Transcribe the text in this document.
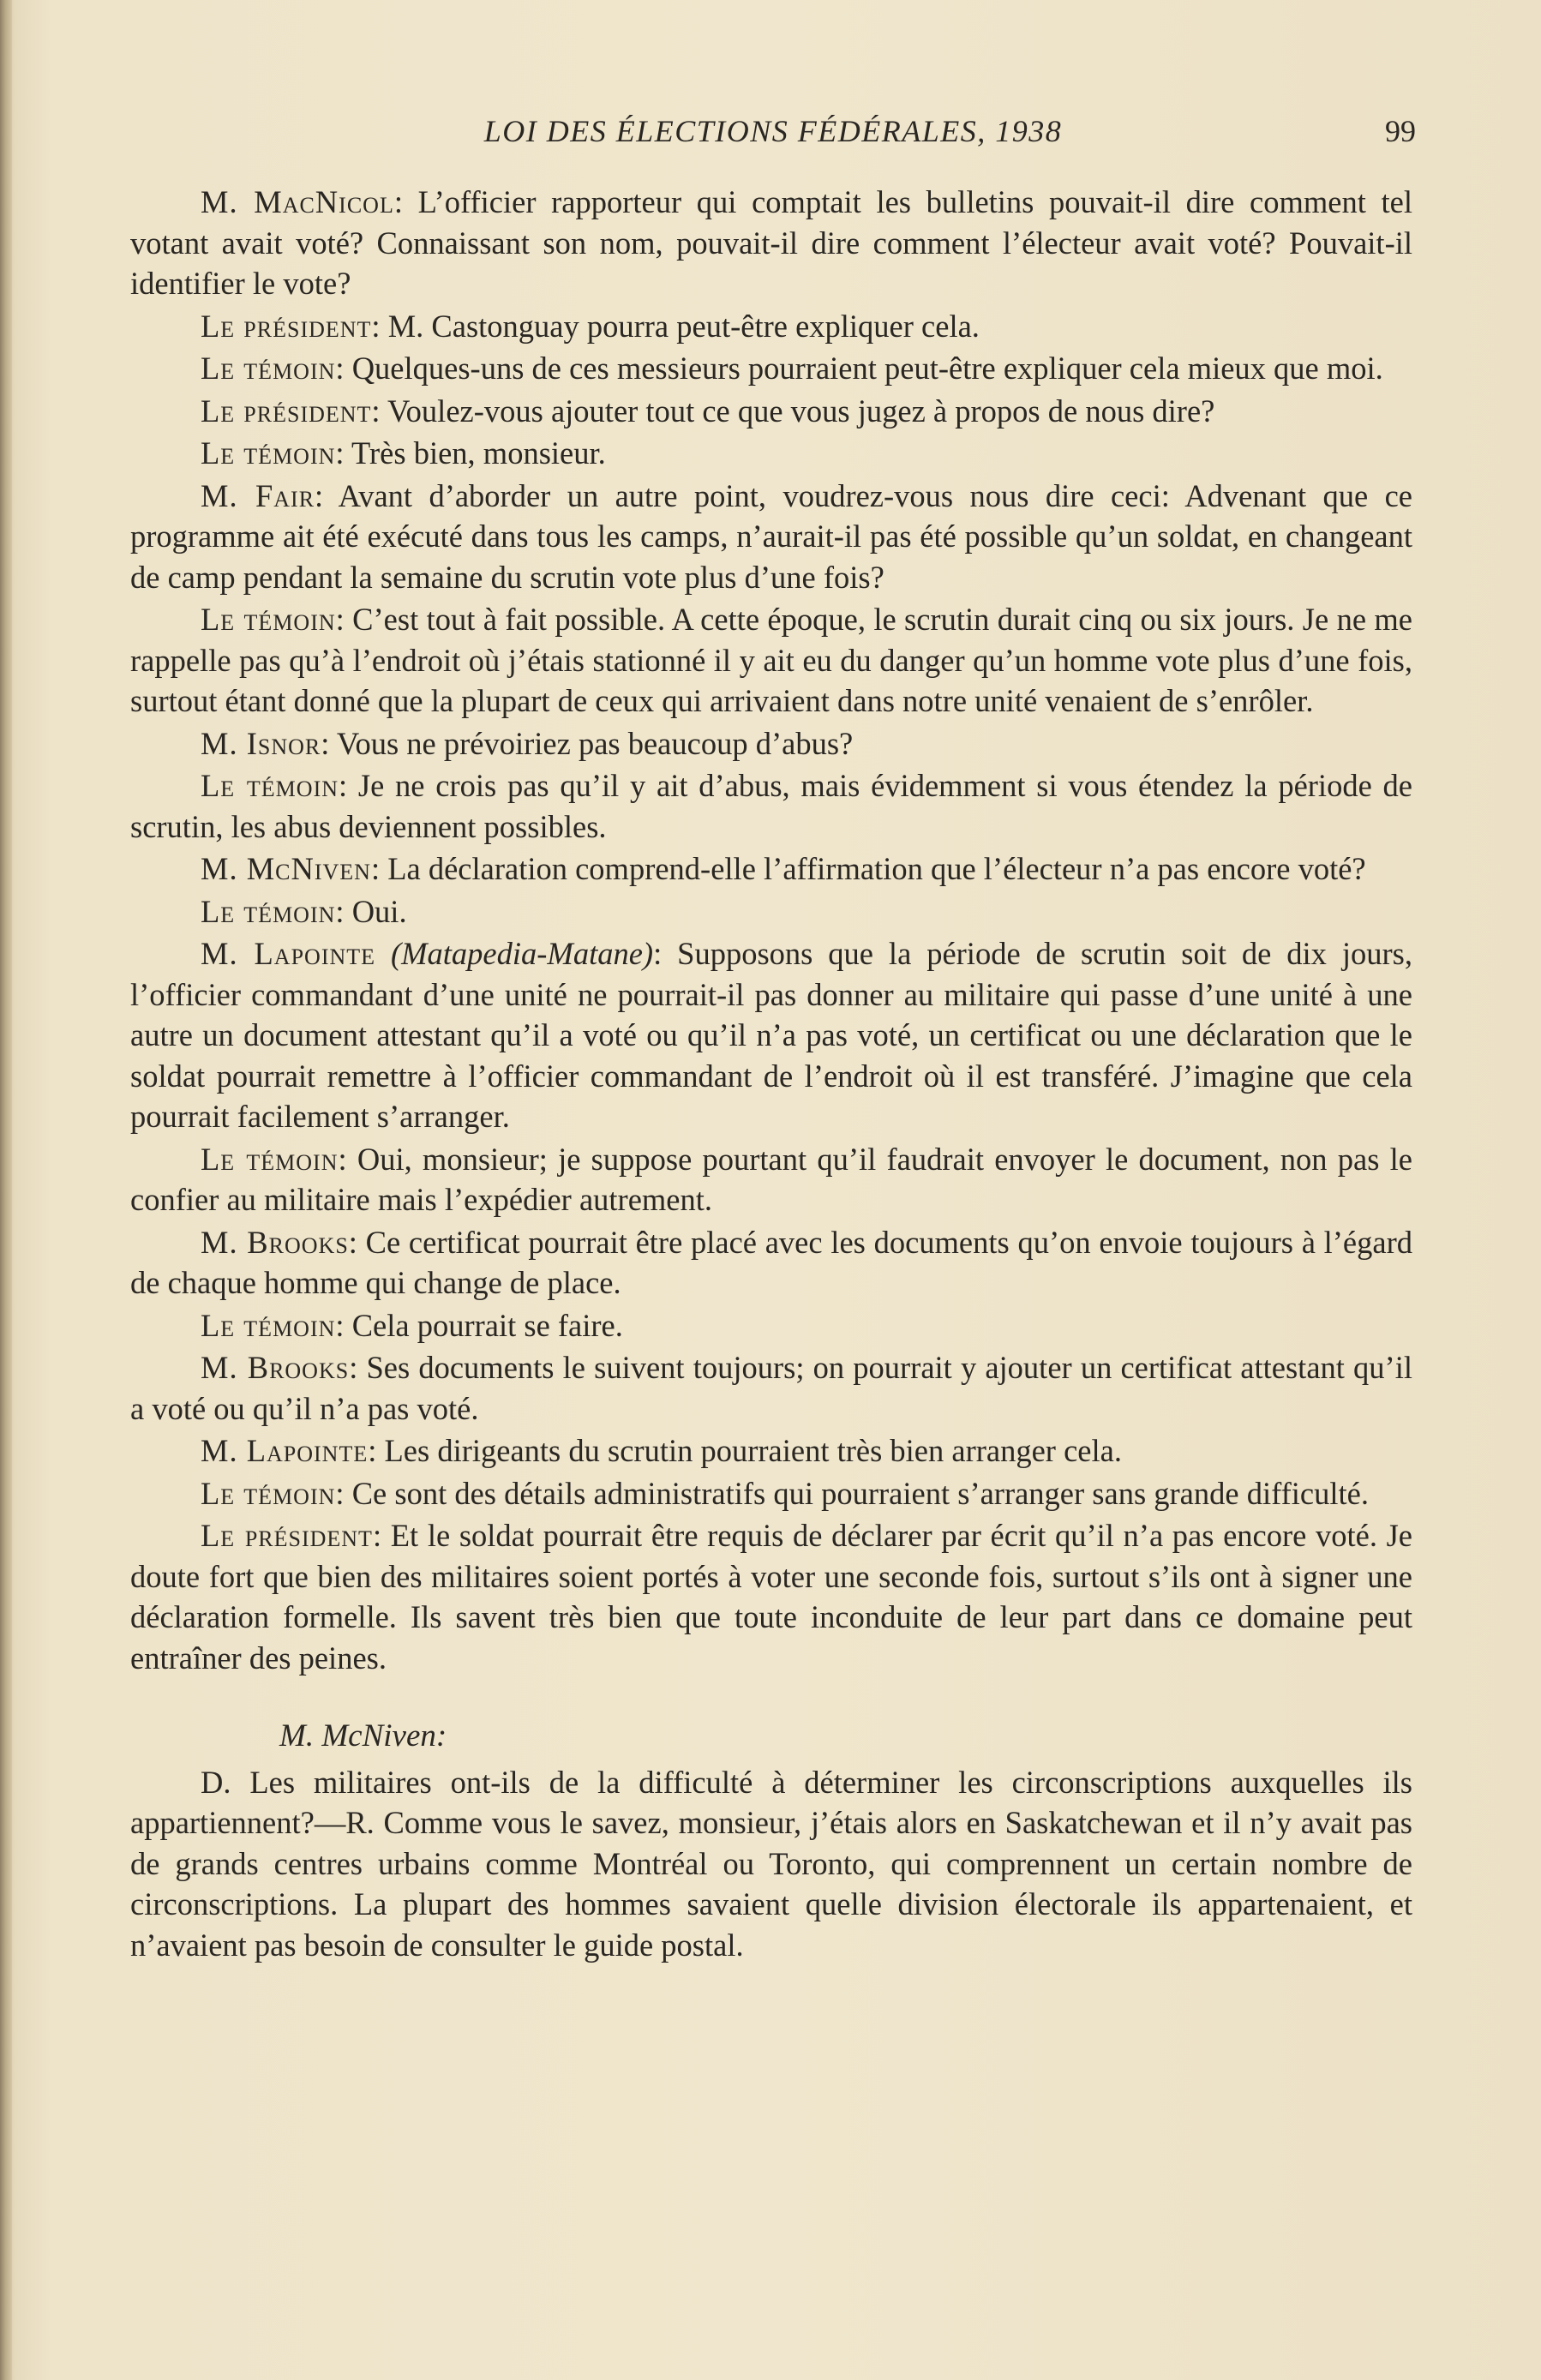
LOI DES ÉLECTIONS FÉDÉRALES, 1938	99

M. MacNicol: L’officier rapporteur qui comptait les bulletins pouvait-il dire comment tel votant avait voté? Connaissant son nom, pouvait-il dire comment l’électeur avait voté? Pouvait-il identifier le vote?

Le président: M. Castonguay pourra peut-être expliquer cela.

Le témoin: Quelques-uns de ces messieurs pourraient peut-être expliquer cela mieux que moi.

Le président: Voulez-vous ajouter tout ce que vous jugez à propos de nous dire?

Le témoin: Très bien, monsieur.

M. Fair: Avant d’aborder un autre point, voudrez-vous nous dire ceci: Advenant que ce programme ait été exécuté dans tous les camps, n’aurait-il pas été possible qu’un soldat, en changeant de camp pendant la semaine du scrutin vote plus d’une fois?

Le témoin: C’est tout à fait possible. A cette époque, le scrutin durait cinq ou six jours. Je ne me rappelle pas qu’à l’endroit où j’étais stationné il y ait eu du danger qu’un homme vote plus d’une fois, surtout étant donné que la plupart de ceux qui arrivaient dans notre unité venaient de s’enrôler.

M. Isnor: Vous ne prévoiriez pas beaucoup d’abus?

Le témoin: Je ne crois pas qu’il y ait d’abus, mais évidemment si vous étendez la période de scrutin, les abus deviennent possibles.

M. McNiven: La déclaration comprend-elle l’affirmation que l’électeur n’a pas encore voté?

Le témoin: Oui.

M. Lapointe (Matapedia-Matane): Supposons que la période de scrutin soit de dix jours, l’officier commandant d’une unité ne pourrait-il pas donner au militaire qui passe d’une unité à une autre un document attestant qu’il a voté ou qu’il n’a pas voté, un certificat ou une déclaration que le soldat pourrait remettre à l’officier commandant de l’endroit où il est transféré. J’imagine que cela pourrait facilement s’arranger.

Le témoin: Oui, monsieur; je suppose pourtant qu’il faudrait envoyer le document, non pas le confier au militaire mais l’expédier autrement.

M. Brooks: Ce certificat pourrait être placé avec les documents qu’on envoie toujours à l’égard de chaque homme qui change de place.

Le témoin: Cela pourrait se faire.

M. Brooks: Ses documents le suivent toujours; on pourrait y ajouter un certificat attestant qu’il a voté ou qu’il n’a pas voté.

M. Lapointe: Les dirigeants du scrutin pourraient très bien arranger cela.

Le témoin: Ce sont des détails administratifs qui pourraient s’arranger sans grande difficulté.

Le président: Et le soldat pourrait être requis de déclarer par écrit qu’il n’a pas encore voté. Je doute fort que bien des militaires soient portés à voter une seconde fois, surtout s’ils ont à signer une déclaration formelle. Ils savent très bien que toute inconduite de leur part dans ce domaine peut entraîner des peines.

M. McNiven:

D. Les militaires ont-ils de la difficulté à déterminer les circonscriptions auxquelles ils appartiennent?—R. Comme vous le savez, monsieur, j’étais alors en Saskatchewan et il n’y avait pas de grands centres urbains comme Montréal ou Toronto, qui comprennent un certain nombre de circonscriptions. La plupart des hommes savaient quelle division électorale ils appartenaient, et n’avaient pas besoin de consulter le guide postal.
